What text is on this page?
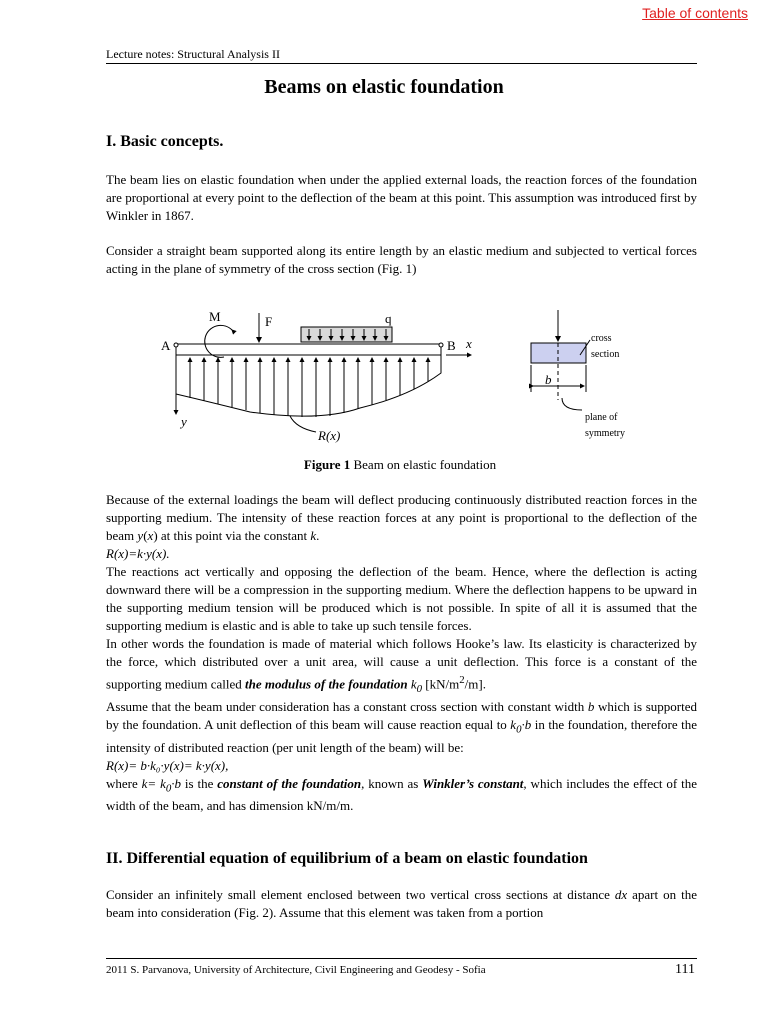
Table of contents
Lecture notes: Structural Analysis II
Beams on elastic foundation
I. Basic concepts.

The beam lies on elastic foundation when under the applied external loads, the reaction forces of the foundation are proportional at every point to the deflection of the beam at this point. This assumption was introduced first by Winkler in 1867.

Consider a straight beam supported along its entire length by an elastic medium and subjected to vertical forces acting in the plane of symmetry of the cross section (Fig. 1)

A	B x
M	F	q
R(x)
y
cross
section
b
plane of
symmetry
Figure 1 Beam on elastic foundation

Because of the external loadings the beam will deflect producing continuously distributed reaction forces in the supporting medium. The intensity of these reaction forces at any point is proportional to the deflection of the beam y(x) at this point via the constant k.

R(x)=k·y(x).

The reactions act vertically and opposing the deflection of the beam. Hence, where the deflection is acting downward there will be a compression in the supporting medium. Where the deflection happens to be upward in the supporting medium tension will be produced which is not possible. In spite of all it is assumed that the supporting medium is elastic and is able to take up such tensile forces.

In other words the foundation is made of material which follows Hooke’s law. Its elasticity is characterized by the force, which distributed over a unit area, will cause a unit deflection. This force is a constant of the supporting medium called the modulus of the foundation $k_0$ $[kN/m^2/m]$.

Assume that the beam under consideration has a constant cross section with constant width b which is supported by the foundation. A unit deflection of this beam will cause reaction equal to $k_0\cdot b$ in the foundation, therefore the intensity of distributed reaction (per unit length of the beam) will be:

R(x)= b·k₀·y(x)= k·y(x),

where $k= k_0\cdot b$ is the constant of the foundation, known as Winkler’s constant, which includes the effect of the width of the beam, and has dimension kN/m/m.

II. Differential equation of equilibrium of a beam on elastic foundation

Consider an infinitely small element enclosed between two vertical cross sections at distance dx apart on the beam into consideration (Fig. 2). Assume that this element was taken from a portion

2011 S. Parvanova, University of Architecture, Civil Engineering and Geodesy - Sofia	111
